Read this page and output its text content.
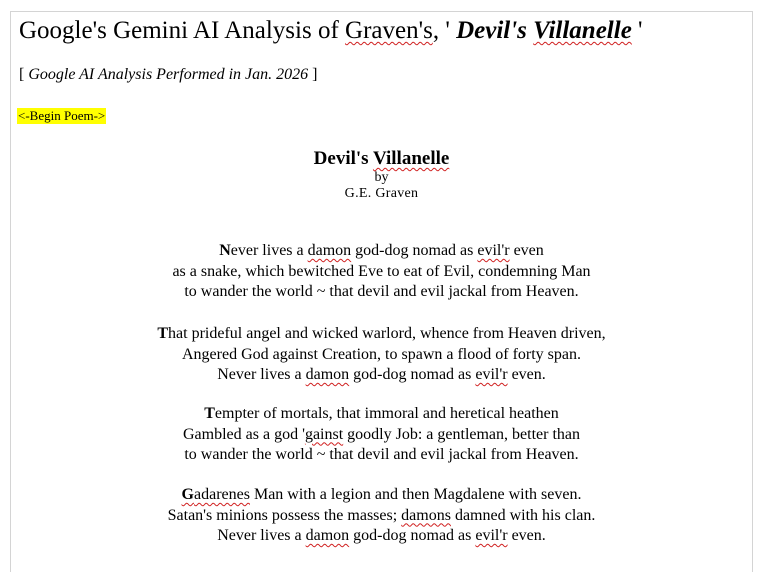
Google's Gemini AI Analysis of Graven's, ' Devil's Villanelle '
[ Google AI Analysis Performed in Jan. 2026 ]
<-Begin Poem->
Devil's Villanelle
by
G.E. Graven
Never lives a damon god-dog nomad as evil'r even
as a snake, which bewitched Eve to eat of Evil, condemning Man
to wander the world ~ that devil and evil jackal from Heaven.
That prideful angel and wicked warlord, whence from Heaven driven,
Angered God against Creation, to spawn a flood of forty span.
Never lives a damon god-dog nomad as evil'r even.
Tempter of mortals, that immoral and heretical heathen
Gambled as a god 'gainst goodly Job: a gentleman, better than
to wander the world ~ that devil and evil jackal from Heaven.
Gadarenes Man with a legion and then Magdalene with seven.
Satan's minions possess the masses; damons damned with his clan.
Never lives a damon god-dog nomad as evil'r even.
